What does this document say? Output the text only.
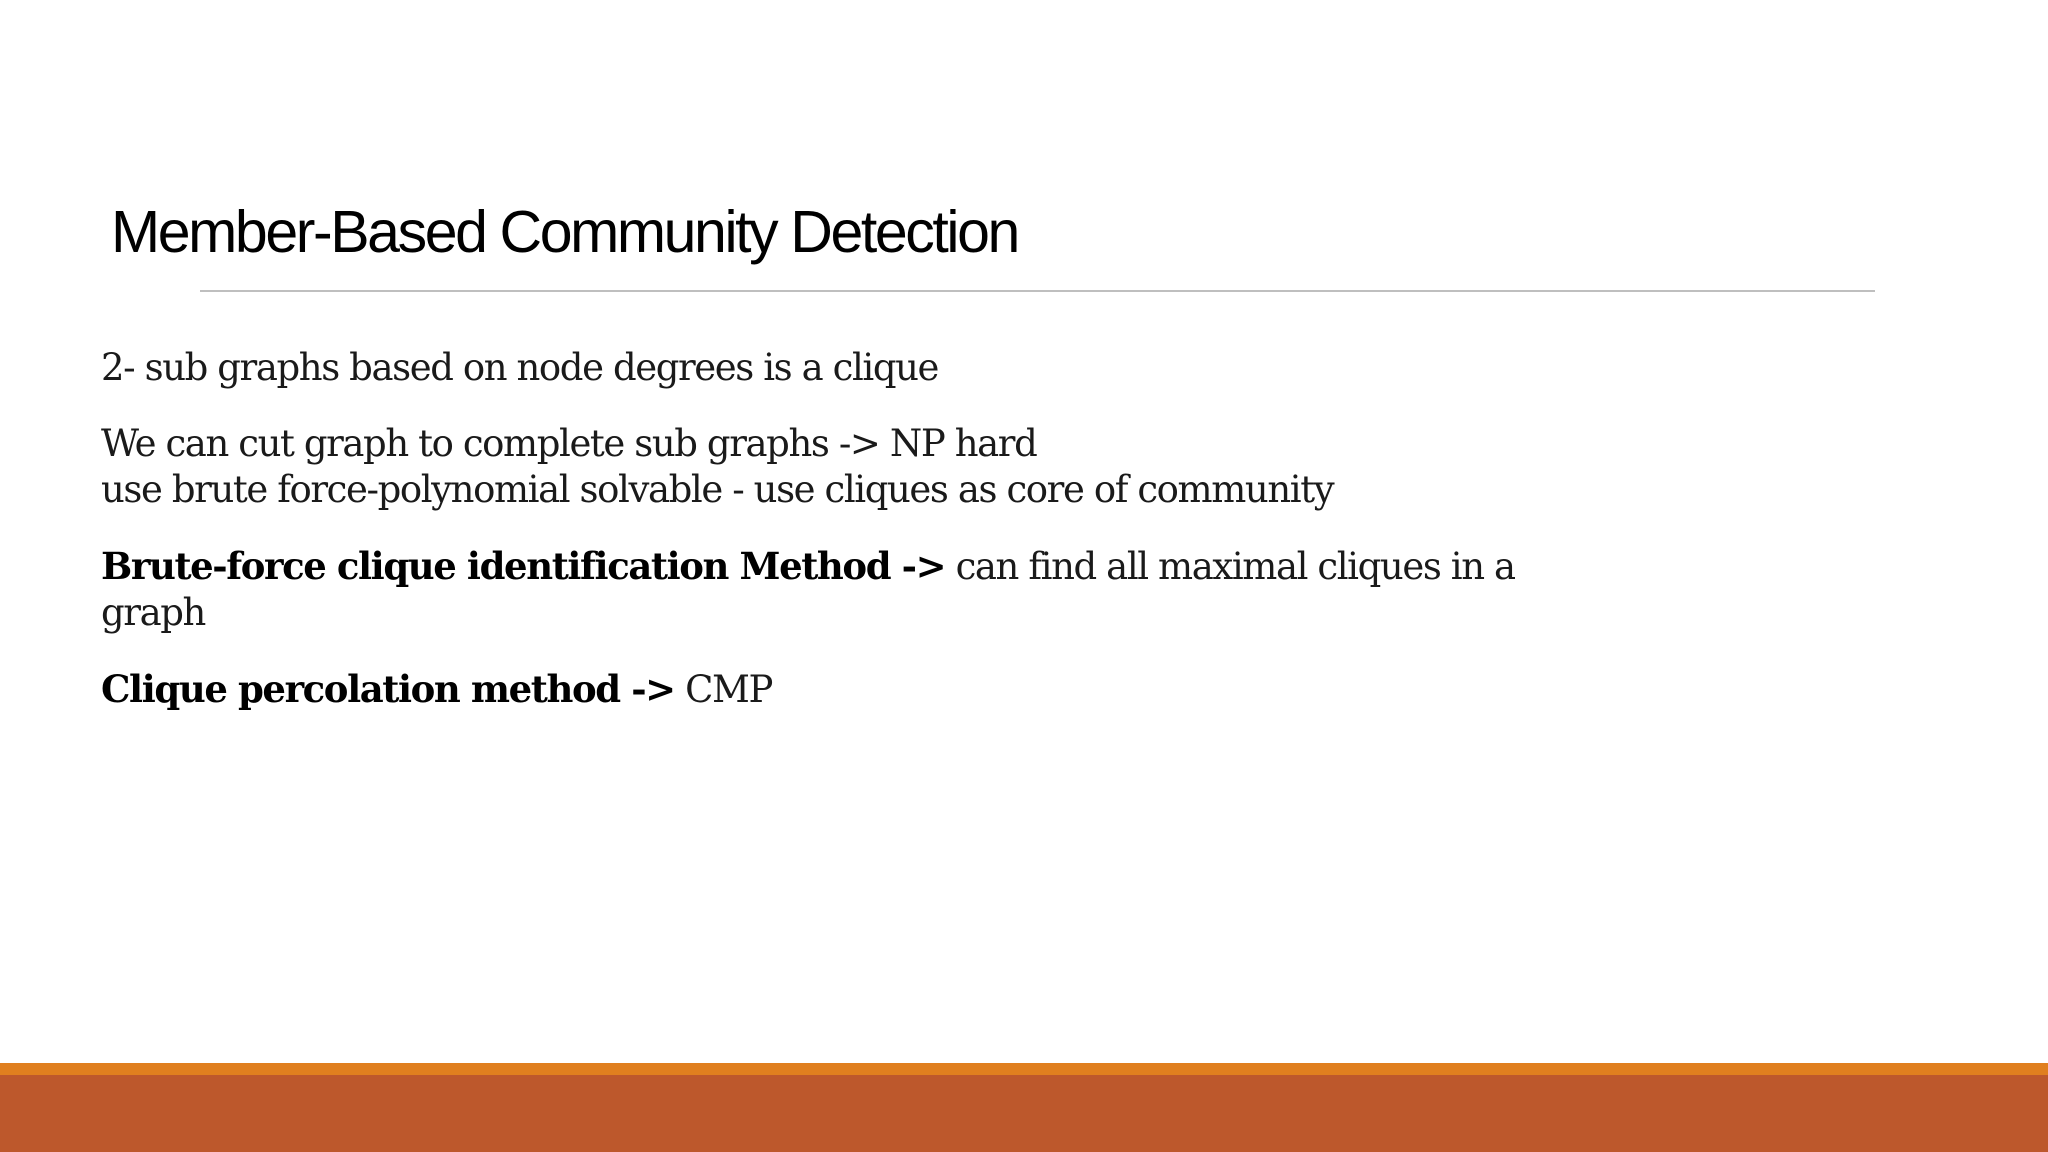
Member-Based Community Detection

2- sub graphs based on node degrees is a clique

We can cut graph to complete sub graphs -> NP hard
use brute force-polynomial solvable - use cliques as core of community

Brute-force clique identification Method -> can find all maximal cliques in a
graph

Clique percolation method -> CMP
